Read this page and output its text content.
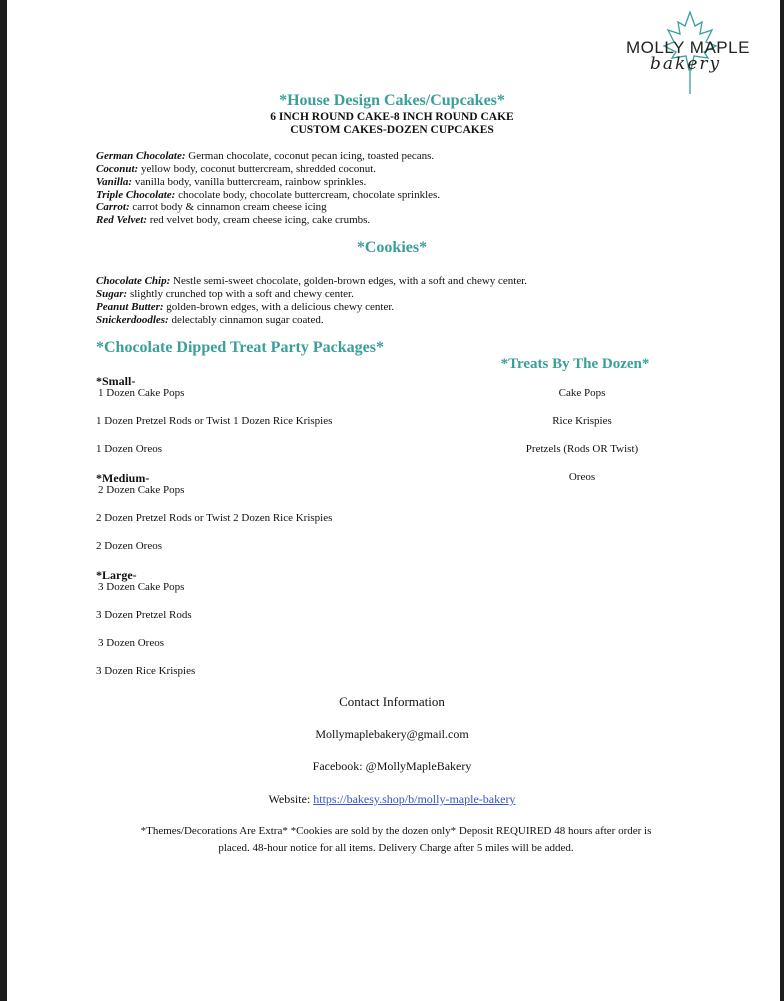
MOLLY MAPLE
bakery
*House Design Cakes/Cupcakes*
6 INCH ROUND CAKE-8 INCH ROUND CAKE
CUSTOM CAKES-DOZEN CUPCAKES
German Chocolate: German chocolate, coconut pecan icing, toasted pecans.
Coconut: yellow body, coconut buttercream, shredded coconut.
Vanilla: vanilla body, vanilla buttercream, rainbow sprinkles.
Triple Chocolate: chocolate body, chocolate buttercream, chocolate sprinkles.
Carrot: carrot body & cinnamon cream cheese icing
Red Velvet: red velvet body, cream cheese icing, cake crumbs.
*Cookies*
Chocolate Chip: Nestle semi-sweet chocolate, golden-brown edges, with a soft and chewy center.
Sugar: slightly crunched top with a soft and chewy center.
Peanut Butter: golden-brown edges, with a delicious chewy center.
Snickerdoodles: delectably cinnamon sugar coated.
*Chocolate Dipped Treat Party Packages*
*Small-
1 Dozen Cake Pops
1 Dozen Pretzel Rods or Twist 1 Dozen Rice Krispies
1 Dozen Oreos
*Medium-
2 Dozen Cake Pops
2 Dozen Pretzel Rods or Twist 2 Dozen Rice Krispies
2 Dozen Oreos
*Large-
3 Dozen Cake Pops
3 Dozen Pretzel Rods
3 Dozen Oreos
3 Dozen Rice Krispies
*Treats By The Dozen*
Cake Pops
Rice Krispies
Pretzels (Rods OR Twist)
Oreos
Contact Information
Mollymaplebakery@gmail.com
Facebook: @MollyMapleBakery
Website: https://bakesy.shop/b/molly-maple-bakery
*Themes/Decorations Are Extra* *Cookies are sold by the dozen only* Deposit REQUIRED 48 hours after order is
placed. 48-hour notice for all items. Delivery Charge after 5 miles will be added.
